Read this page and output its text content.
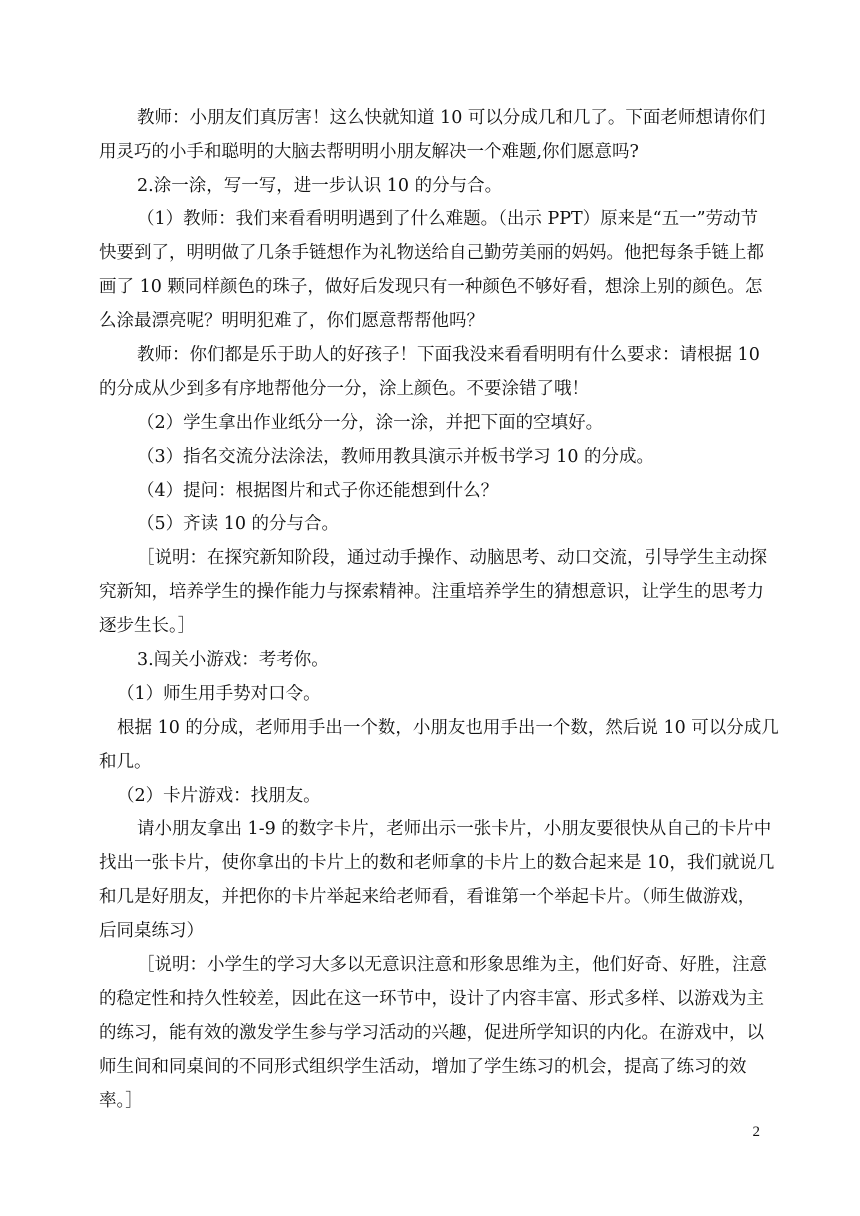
教师：小朋友们真厉害！这么快就知道 10 可以分成几和几了。下面老师想请你们
用灵巧的小手和聪明的大脑去帮明明小朋友解决一个难题,你们愿意吗?
2.涂一涂，写一写，进一步认识 10 的分与合。
（1）教师：我们来看看明明遇到了什么难题。（出示 PPT）原来是“五一”劳动节
快要到了，明明做了几条手链想作为礼物送给自己勤劳美丽的妈妈。他把每条手链上都
画了 10 颗同样颜色的珠子，做好后发现只有一种颜色不够好看，想涂上别的颜色。怎
么涂最漂亮呢？明明犯难了，你们愿意帮帮他吗？
教师：你们都是乐于助人的好孩子！下面我没来看看明明有什么要求：请根据 10
的分成从少到多有序地帮他分一分，涂上颜色。不要涂错了哦！
（2）学生拿出作业纸分一分，涂一涂，并把下面的空填好。
（3）指名交流分法涂法，教师用教具演示并板书学习 10 的分成。
（4）提问：根据图片和式子你还能想到什么？
（5）齐读 10 的分与合。
［说明：在探究新知阶段，通过动手操作、动脑思考、动口交流，引导学生主动探
究新知，培养学生的操作能力与探索精神。注重培养学生的猜想意识，让学生的思考力
逐步生长。］
3.闯关小游戏：考考你。
（1）师生用手势对口令。
根据 10 的分成，老师用手出一个数，小朋友也用手出一个数，然后说 10 可以分成几
和几。
（2）卡片游戏：找朋友。
请小朋友拿出 1-9 的数字卡片，老师出示一张卡片，小朋友要很快从自己的卡片中
找出一张卡片，使你拿出的卡片上的数和老师拿的卡片上的数合起来是 10，我们就说几
和几是好朋友，并把你的卡片举起来给老师看，看谁第一个举起卡片。（师生做游戏，
后同桌练习）
［说明：小学生的学习大多以无意识注意和形象思维为主，他们好奇、好胜，注意
的稳定性和持久性较差，因此在这一环节中，设计了内容丰富、形式多样、以游戏为主
的练习，能有效的激发学生参与学习活动的兴趣，促进所学知识的内化。在游戏中，以
师生间和同桌间的不同形式组织学生活动，增加了学生练习的机会，提高了练习的效
率。］
2
